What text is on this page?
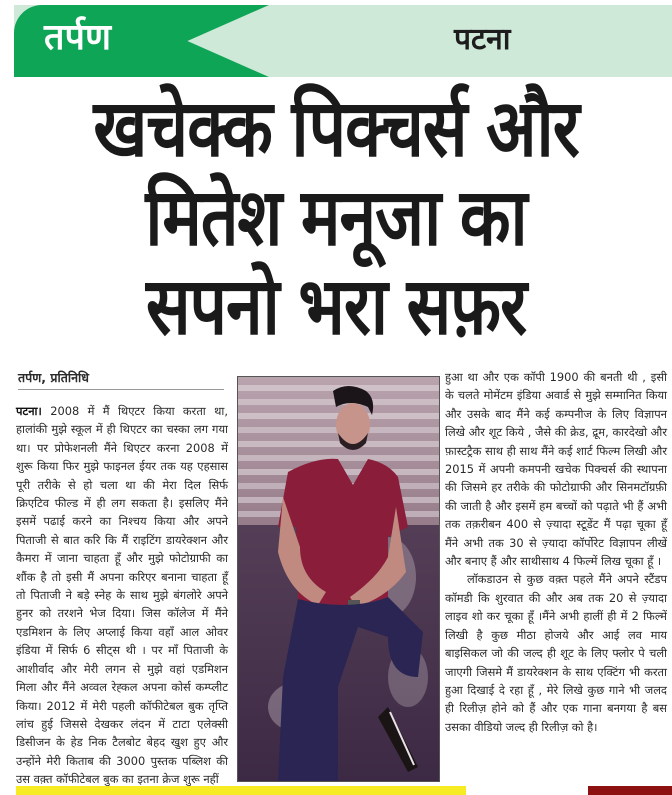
तर्पण	पटना
खचेक्क पिक्चर्स और
मितेश मनूजा का
सपनो भरा सफ़र
तर्पण, प्रतिनिधि

पटना। 2008 में मैं थिएटर किया करता था, हालांकी मुझे स्कूल में ही थिएटर का चस्का लग गया था। पर प्रोफेशनली मैंने थिएटर करना 2008 में शुरू किया फिर मुझे फाइनल ईयर तक यह एहसास पूरी तरीके से हो चला था की मेरा दिल सिर्फ क्रिएटिव फील्ड में ही लग सकता है। इसलिए मैंने इसमें पढाई करने का निश्चय किया और अपने पिताजी से बात करि कि मैं राइटिंग डायरेक्शन और कैमरा में जाना चाहता हूँ और मुझे फोटोग्राफी का शौंक है तो इसी मैं अपना करिएर बनाना चाहता हूँ तो पिताजी ने बड़े स्नेह के साथ मुझे बंगलोरे अपने हुनर को तरशने भेज दिया। जिस कॉलेज में मैंने एडमिशन के लिए अप्लाई किया वहाँ आल ओवर इंडिया में सिर्फ 6 सीट्स थी । पर माँ पिताजी के आशीर्वाद और मेरी लगन से मुझे वहां एडमिशन मिला और मैंने अव्वल रेह्कल अपना कोर्स कम्प्लीट किया। 2012 में मेरी पहली कॉफीटेबल बुक तृप्ति लांच हुई जिससे देखकर लंदन में टाटा एलेक्सी डिसीजन के हेड निक टैलबोट बेहद खुश हुए और उन्होंने मेरी किताब की 3000 पुस्तक पब्लिश की उस वक़्त कॉफीटेबल बुक का इतना क्रेज शुरू नहीं

हुआ था और एक कॉपी 1900 की बनती थी , इसी के चलते मोमेंटम इंडिया अवार्ड से मुझे सम्मानित किया और उसके बाद मैंने कई कम्पनीज के लिए विज्ञापन लिखे और शूट किये , जैसे की क्रेड, द्रूम, कारदेखो और फ़ास्टट्रैक साथ ही साथ मैंने कई शार्ट फिल्म लिखी और 2015 में अपनी कमपनी खचेक पिक्चर्स की स्थापना की जिसमे हर तरीके की फोटोग्राफी और सिनमटॉग्रफ़ी की जाती है और इसमें हम बच्चों को पढ़ाते भी हैं अभी तक तक़रीबन 400 से ज़्यादा स्टूडेंट मैं पढ़ा चूका हूँ मैंने अभी तक 30 से ज़्यादा कॉर्पोरेट विज्ञापन लीखें और बनाए हैं और साथीसाथ 4 फिल्में लिख चूका हूँ ।

लॉकडाउन से कुछ वक़्त पहले मैंने अपने स्टैंडप कॉमडी कि शुरवात की और अब तक 20 से ज़्यादा लाइव शो कर चूका हूँ ।मैंने अभी हालीं ही में 2 फिल्में लिखी है कुछ मीठा होजये और आई लव माय बाइसिकल जो की जल्द ही शूट के लिए फ्लोर पे चली जाएगी जिसमे मैं डायरेक्शन के साथ एक्टिंग भी करता हुआ दिखाई दे रहा हूँ , मेरे लिखे कुछ गाने भी जलद ही रिलीज़ होने को हैं और एक गाना बनगया है बस उसका वीडियो जल्द ही रिलीज़ को है।
